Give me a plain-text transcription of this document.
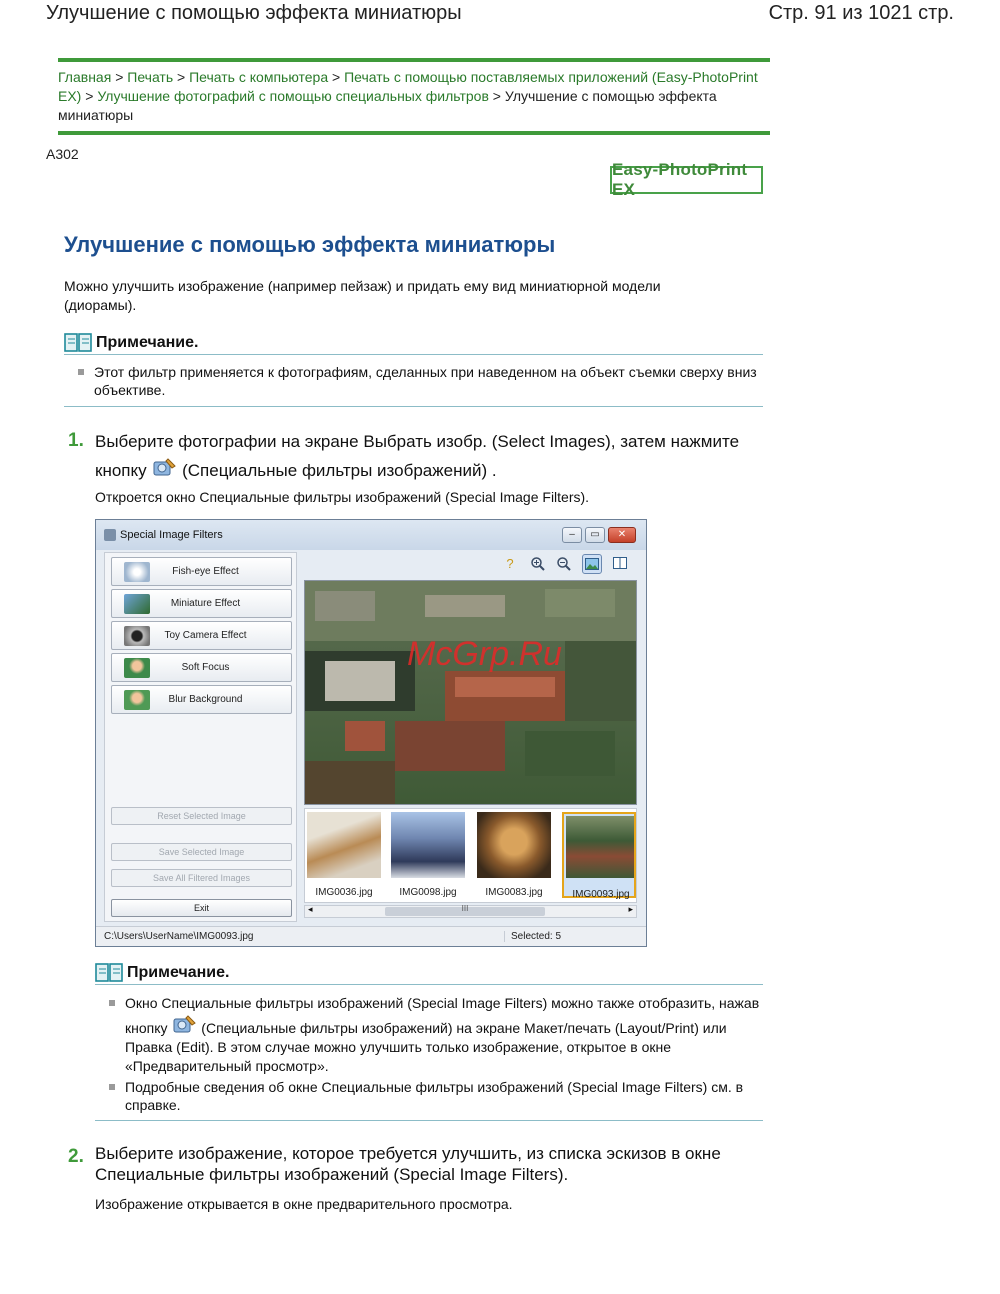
Улучшение с помощью эффекта миниатюры	Стр. 91 из 1021 стр.
Главная > Печать > Печать с компьютера > Печать с помощью поставляемых приложений (Easy-PhotoPrint EX) > Улучшение фотографий с помощью специальных фильтров > Улучшение с помощью эффекта миниатюры
A302
Easy-PhotoPrint EX
Улучшение с помощью эффекта миниатюры
Можно улучшить изображение (например пейзаж) и придать ему вид миниатюрной модели (диорамы).
Примечание.
Этот фильтр применяется к фотографиям, сделанных при наведенном на объект съемки сверху вниз объективе.
1. Выберите фотографии на экране Выбрать изобр. (Select Images), затем нажмите кнопку (Специальные фильтры изображений) .
Откроется окно Специальные фильтры изображений (Special Image Filters).
Special Image Filters	‒	▭	✕
Fish-eye Effect
Miniature Effect
Toy Camera Effect
Soft Focus
Blur Background
Reset Selected Image
Save Selected Image
Save All Filtered Images
Exit
?
McGrp.Ru
IMG0036.jpg	IMG0098.jpg	IMG0083.jpg	IMG0093.jpg
◂	III	▸
C:\Users\UserName\IMG0093.jpg	Selected: 5
Примечание.
Окно Специальные фильтры изображений (Special Image Filters) можно также отобразить, нажав кнопку (Специальные фильтры изображений) на экране Макет/печать (Layout/Print) или Правка (Edit). В этом случае можно улучшить только изображение, открытое в окне «Предварительный просмотр».
Подробные сведения об окне Специальные фильтры изображений (Special Image Filters) см. в справке.
2. Выберите изображение, которое требуется улучшить, из списка эскизов в окне Специальные фильтры изображений (Special Image Filters).
Изображение открывается в окне предварительного просмотра.
